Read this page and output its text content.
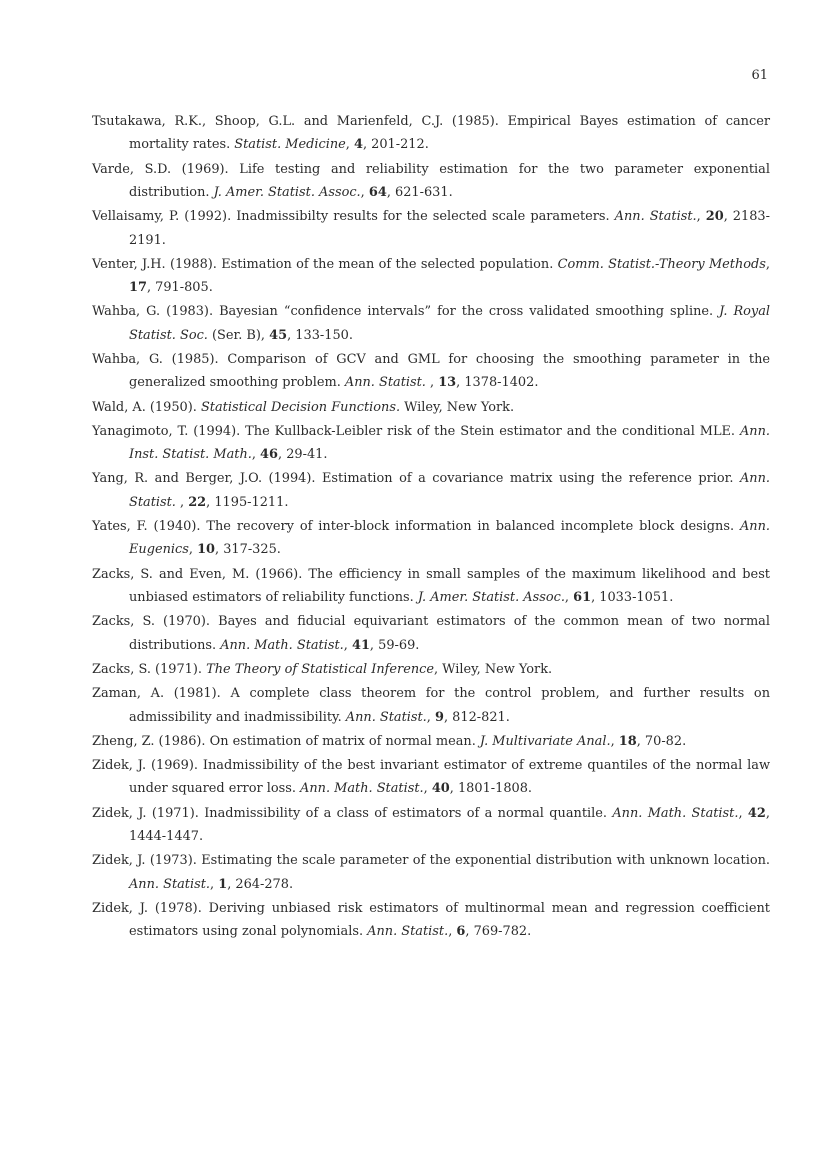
61
Tsutakawa, R.K., Shoop, G.L. and Marienfeld, C.J. (1985). Empirical Bayes estimation of cancer mortality rates. Statist. Medicine, 4, 201-212.
Varde, S.D. (1969). Life testing and reliability estimation for the two parameter exponential distribution. J. Amer. Statist. Assoc., 64, 621-631.
Vellaisamy, P. (1992). Inadmissibilty results for the selected scale parameters. Ann. Statist., 20, 2183-2191.
Venter, J.H. (1988). Estimation of the mean of the selected population. Comm. Statist.-Theory Methods, 17, 791-805.
Wahba, G. (1983). Bayesian “confidence intervals” for the cross validated smoothing spline. J. Royal Statist. Soc. (Ser. B), 45, 133-150.
Wahba, G. (1985). Comparison of GCV and GML for choosing the smoothing parameter in the generalized smoothing problem. Ann. Statist. , 13, 1378-1402.
Wald, A. (1950). Statistical Decision Functions. Wiley, New York.
Yanagimoto, T. (1994). The Kullback-Leibler risk of the Stein estimator and the conditional MLE. Ann. Inst. Statist. Math., 46, 29-41.
Yang, R. and Berger, J.O. (1994). Estimation of a covariance matrix using the reference prior. Ann. Statist. , 22, 1195-1211.
Yates, F. (1940). The recovery of inter-block information in balanced incomplete block designs. Ann. Eugenics, 10, 317-325.
Zacks, S. and Even, M. (1966). The efficiency in small samples of the maximum likelihood and best unbiased estimators of reliability functions. J. Amer. Statist. Assoc., 61, 1033-1051.
Zacks, S. (1970). Bayes and fiducial equivariant estimators of the common mean of two normal distributions. Ann. Math. Statist., 41, 59-69.
Zacks, S. (1971). The Theory of Statistical Inference, Wiley, New York.
Zaman, A. (1981). A complete class theorem for the control problem, and further results on admissibility and inadmissibility. Ann. Statist., 9, 812-821.
Zheng, Z. (1986). On estimation of matrix of normal mean. J. Multivariate Anal., 18, 70-82.
Zidek, J. (1969). Inadmissibility of the best invariant estimator of extreme quantiles of the normal law under squared error loss. Ann. Math. Statist., 40, 1801-1808.
Zidek, J. (1971). Inadmissibility of a class of estimators of a normal quantile. Ann. Math. Statist., 42, 1444-1447.
Zidek, J. (1973). Estimating the scale parameter of the exponential distribution with unknown location. Ann. Statist., 1, 264-278.
Zidek, J. (1978). Deriving unbiased risk estimators of multinormal mean and regression coefficient estimators using zonal polynomials. Ann. Statist., 6, 769-782.
